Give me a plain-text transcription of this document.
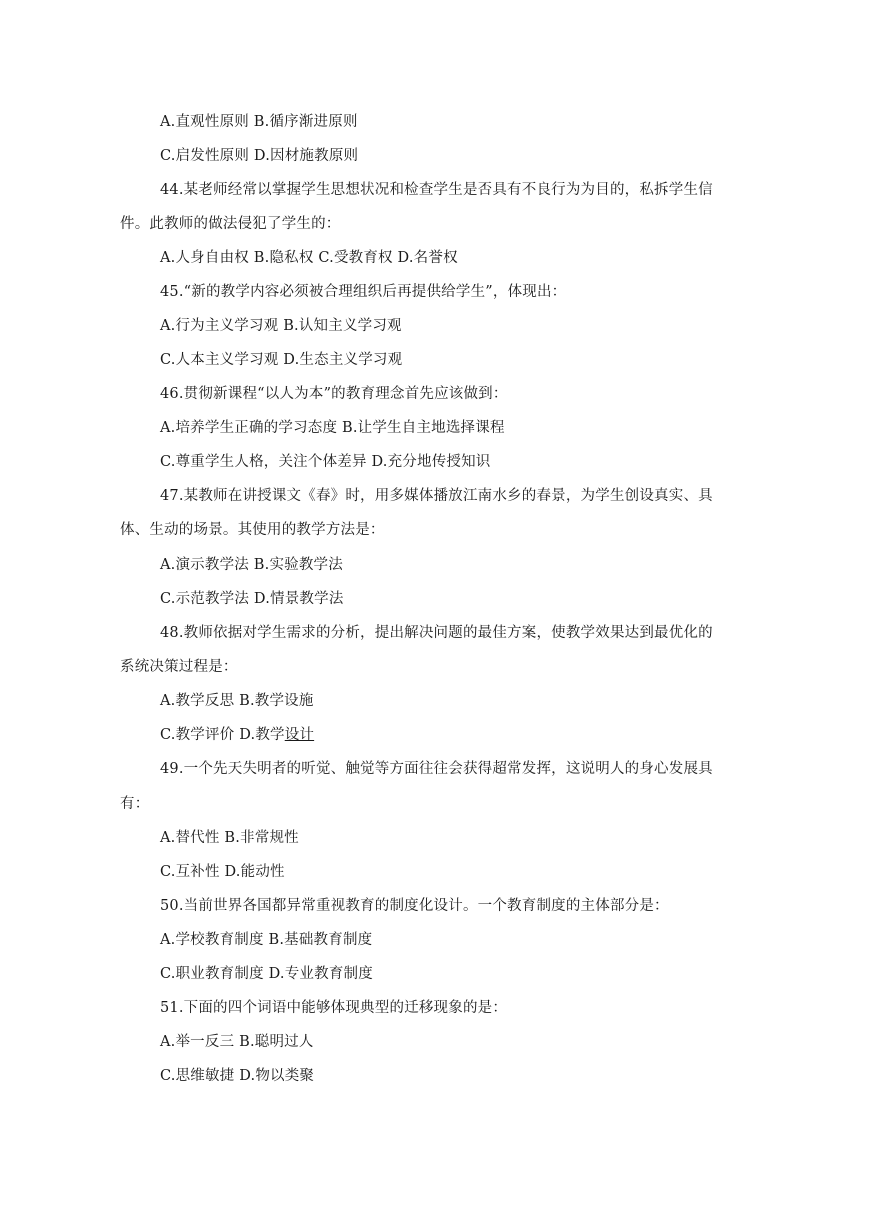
A.直观性原则 B.循序渐进原则
C.启发性原则 D.因材施教原则
44.某老师经常以掌握学生思想状况和检查学生是否具有不良行为为目的，私拆学生信
件。此教师的做法侵犯了学生的：
A.人身自由权 B.隐私权 C.受教育权 D.名誉权
45.“新的教学内容必须被合理组织后再提供给学生”，体现出：
A.行为主义学习观 B.认知主义学习观
C.人本主义学习观 D.生态主义学习观
46.贯彻新课程“以人为本”的教育理念首先应该做到：
A.培养学生正确的学习态度 B.让学生自主地选择课程
C.尊重学生人格，关注个体差异 D.充分地传授知识
47.某教师在讲授课文《春》时，用多媒体播放江南水乡的春景，为学生创设真实、具
体、生动的场景。其使用的教学方法是：
A.演示教学法 B.实验教学法
C.示范教学法 D.情景教学法
48.教师依据对学生需求的分析，提出解决问题的最佳方案，使教学效果达到最优化的
系统决策过程是：
A.教学反思 B.教学设施
C.教学评价 D.教学设计
49.一个先天失明者的听觉、触觉等方面往往会获得超常发挥，这说明人的身心发展具
有：
A.替代性 B.非常规性
C.互补性 D.能动性
50.当前世界各国都异常重视教育的制度化设计。一个教育制度的主体部分是：
A.学校教育制度 B.基础教育制度
C.职业教育制度 D.专业教育制度
51.下面的四个词语中能够体现典型的迁移现象的是：
A.举一反三 B.聪明过人
C.思维敏捷 D.物以类聚
